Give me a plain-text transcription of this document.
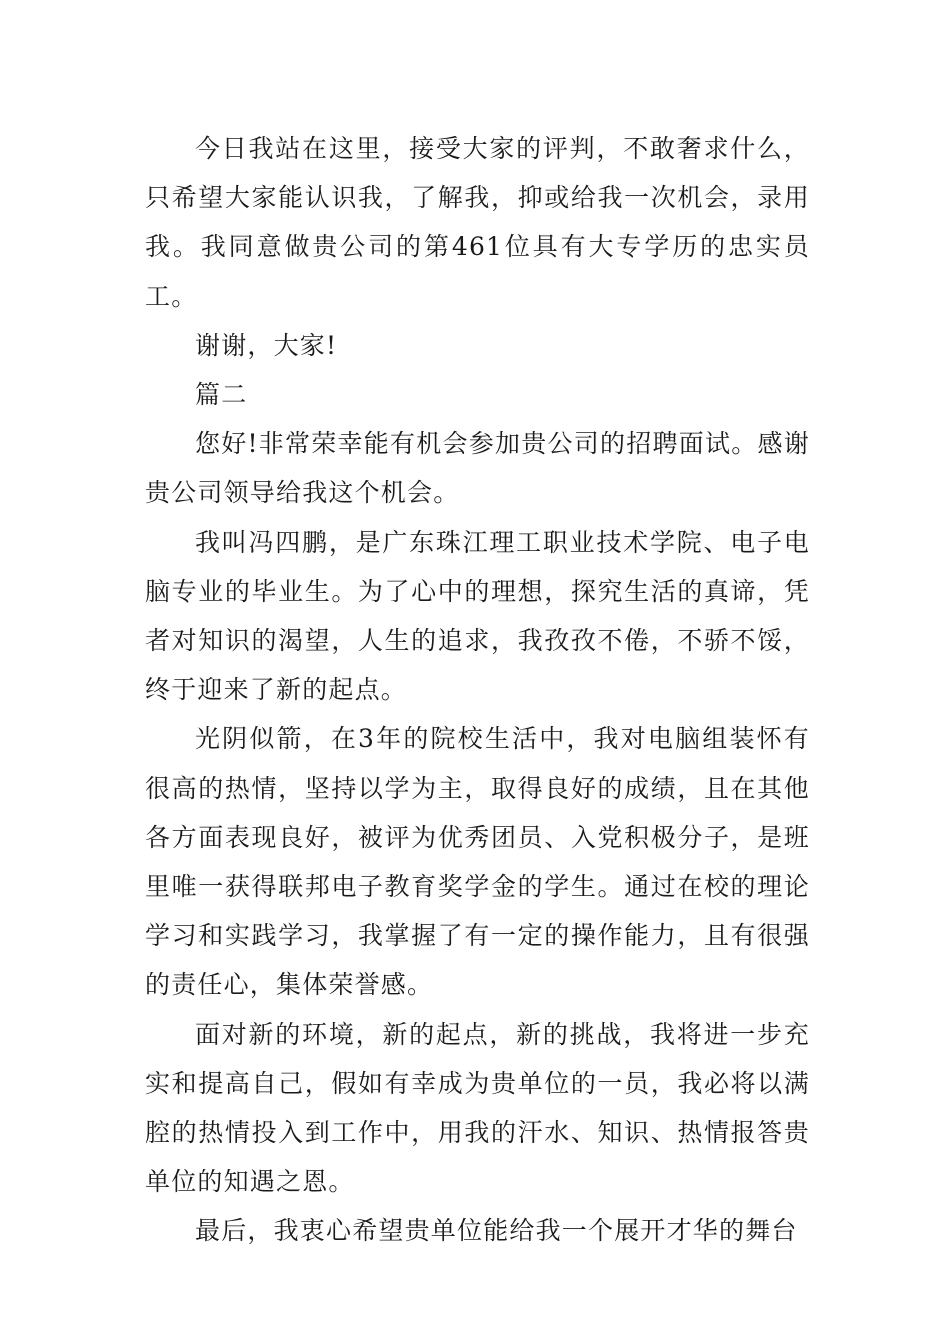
今日我站在这里，接受大家的评判，不敢奢求什么，只希望大家能认识我，了解我，抑或给我一次机会，录用我。我同意做贵公司的第461位具有大专学历的忠实员工。

谢谢，大家!

篇二

您好!非常荣幸能有机会参加贵公司的招聘面试。感谢贵公司领导给我这个机会。

我叫冯四鹏，是广东珠江理工职业技术学院、电子电脑专业的毕业生。为了心中的理想，探究生活的真谛，凭者对知识的渴望，人生的追求，我孜孜不倦，不骄不馁，终于迎来了新的起点。

光阴似箭，在3年的院校生活中，我对电脑组装怀有很高的热情，坚持以学为主，取得良好的成绩，且在其他各方面表现良好，被评为优秀团员、入党积极分子，是班里唯一获得联邦电子教育奖学金的学生。通过在校的理论学习和实践学习，我掌握了有一定的操作能力，且有很强的责任心，集体荣誉感。

面对新的环境，新的起点，新的挑战，我将进一步充实和提高自己，假如有幸成为贵单位的一员，我必将以满腔的热情投入到工作中，用我的汗水、知识、热情报答贵单位的知遇之恩。

最后，我衷心希望贵单位能给我一个展开才华的舞台
